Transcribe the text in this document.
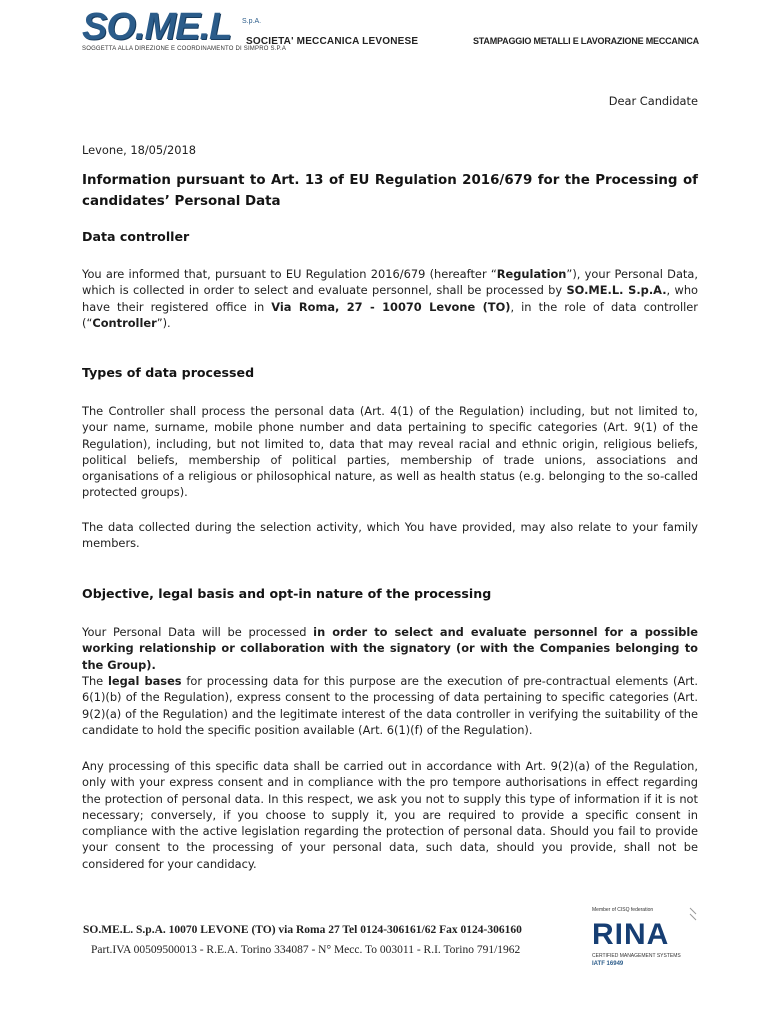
SO.ME.L S.p.A.
SOCIETA' MECCANICA LEVONESE
SOGGETTA ALLA DIREZIONE E COORDINAMENTO DI SIMPRO S.P.A
STAMPAGGIO METALLI E LAVORAZIONE MECCANICA
Dear Candidate
Levone, 18/05/2018
Information pursuant to Art. 13 of EU Regulation 2016/679 for the Processing of candidates’ Personal Data
Data controller
You are informed that, pursuant to EU Regulation 2016/679 (hereafter “Regulation”), your Personal Data, which is collected in order to select and evaluate personnel, shall be processed by SO.ME.L. S.p.A., who have their registered office in Via Roma, 27 - 10070 Levone (TO), in the role of data controller (“Controller”).
Types of data processed
The Controller shall process the personal data (Art. 4(1) of the Regulation) including, but not limited to, your name, surname, mobile phone number and data pertaining to specific categories (Art. 9(1) of the Regulation), including, but not limited to, data that may reveal racial and ethnic origin, religious beliefs, political beliefs, membership of political parties, membership of trade unions, associations and organisations of a religious or philosophical nature, as well as health status (e.g. belonging to the so-called protected groups).
The data collected during the selection activity, which You have provided, may also relate to your family members.
Objective, legal basis and opt-in nature of the processing
Your Personal Data will be processed in order to select and evaluate personnel for a possible working relationship or collaboration with the signatory (or with the Companies belonging to the Group).
The legal bases for processing data for this purpose are the execution of pre-contractual elements (Art. 6(1)(b) of the Regulation), express consent to the processing of data pertaining to specific categories (Art. 9(2)(a) of the Regulation) and the legitimate interest of the data controller in verifying the suitability of the candidate to hold the specific position available (Art. 6(1)(f) of the Regulation).
Any processing of this specific data shall be carried out in accordance with Art. 9(2)(a) of the Regulation, only with your express consent and in compliance with the pro tempore authorisations in effect regarding the protection of personal data. In this respect, we ask you not to supply this type of information if it is not necessary; conversely, if you choose to supply it, you are required to provide a specific consent in compliance with the active legislation regarding the protection of personal data. Should you fail to provide your consent to the processing of your personal data, such data, should you provide, shall not be considered for your candidacy.
SO.ME.L. S.p.A. 10070 LEVONE (TO) via Roma 27 Tel 0124-306161/62 Fax 0124-306160
Part.IVA 00509500013 - R.E.A. Torino 334087 - N° Mecc. To 003011 - R.I. Torino 791/1962
Member of CISQ federation
RINA
CERTIFIED MANAGEMENT SYSTEMS
IATF 16949
